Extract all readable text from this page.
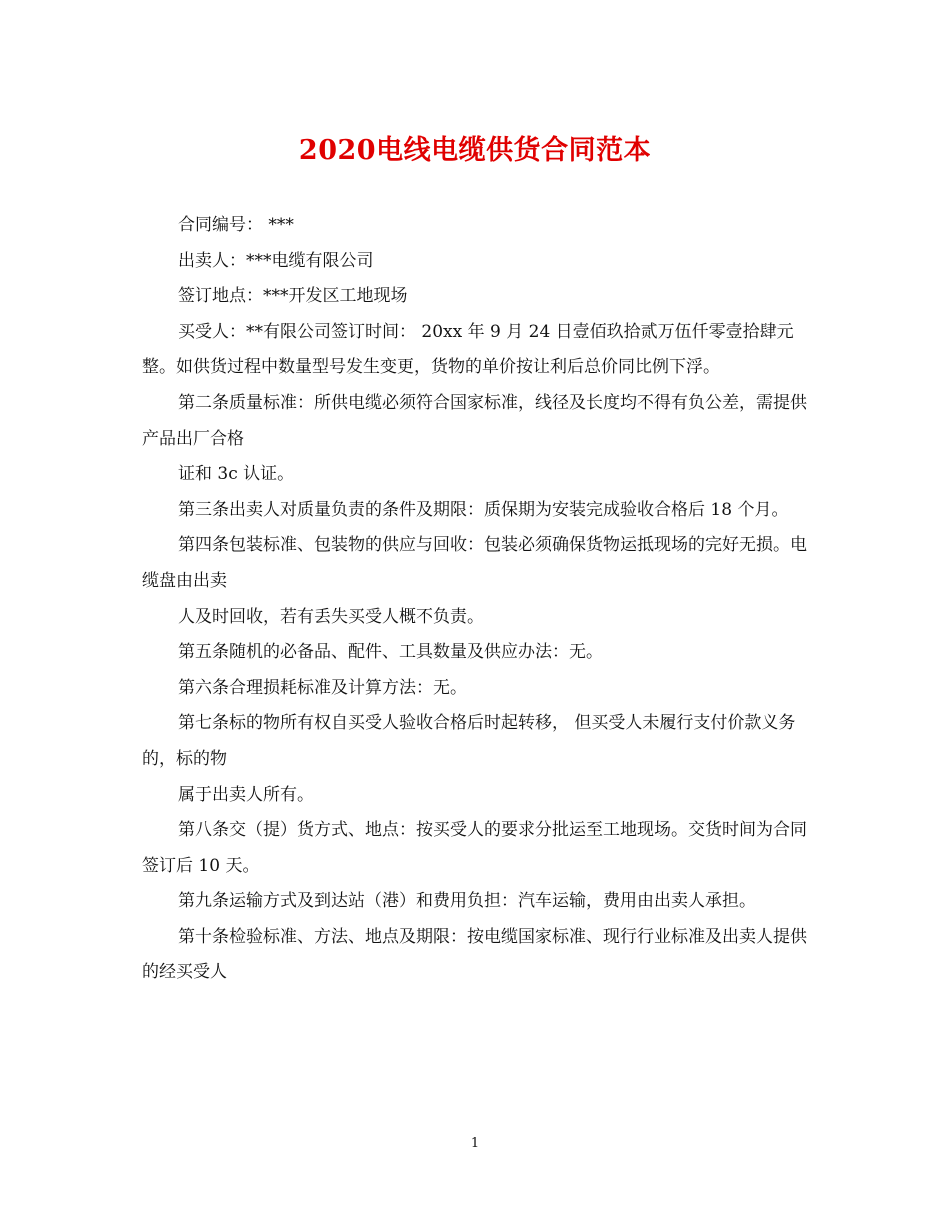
2020电线电缆供货合同范本

合同编号： ***

出卖人：***电缆有限公司

签订地点：***开发区工地现场

买受人：**有限公司签订时间： 20xx 年 9 月 24 日壹佰玖拾贰万伍仟零壹拾肆元整。如供货过程中数量型号发生变更，货物的单价按让利后总价同比例下浮。

第二条质量标准：所供电缆必须符合国家标准，线径及长度均不得有负公差，需提供产品出厂合格

证和 3c 认证。

第三条出卖人对质量负责的条件及期限：质保期为安装完成验收合格后 18 个月。

第四条包装标准、包装物的供应与回收：包装必须确保货物运抵现场的完好无损。电缆盘由出卖

人及时回收，若有丢失买受人概不负责。

第五条随机的必备品、配件、工具数量及供应办法：无。

第六条合理损耗标准及计算方法：无。

第七条标的物所有权自买受人验收合格后时起转移， 但买受人未履行支付价款义务的，标的物

属于出卖人所有。

第八条交（提）货方式、地点：按买受人的要求分批运至工地现场。交货时间为合同签订后 10 天。

第九条运输方式及到达站（港）和费用负担：汽车运输，费用由出卖人承担。

第十条检验标准、方法、地点及期限：按电缆国家标准、现行行业标准及出卖人提供的经买受人

1
